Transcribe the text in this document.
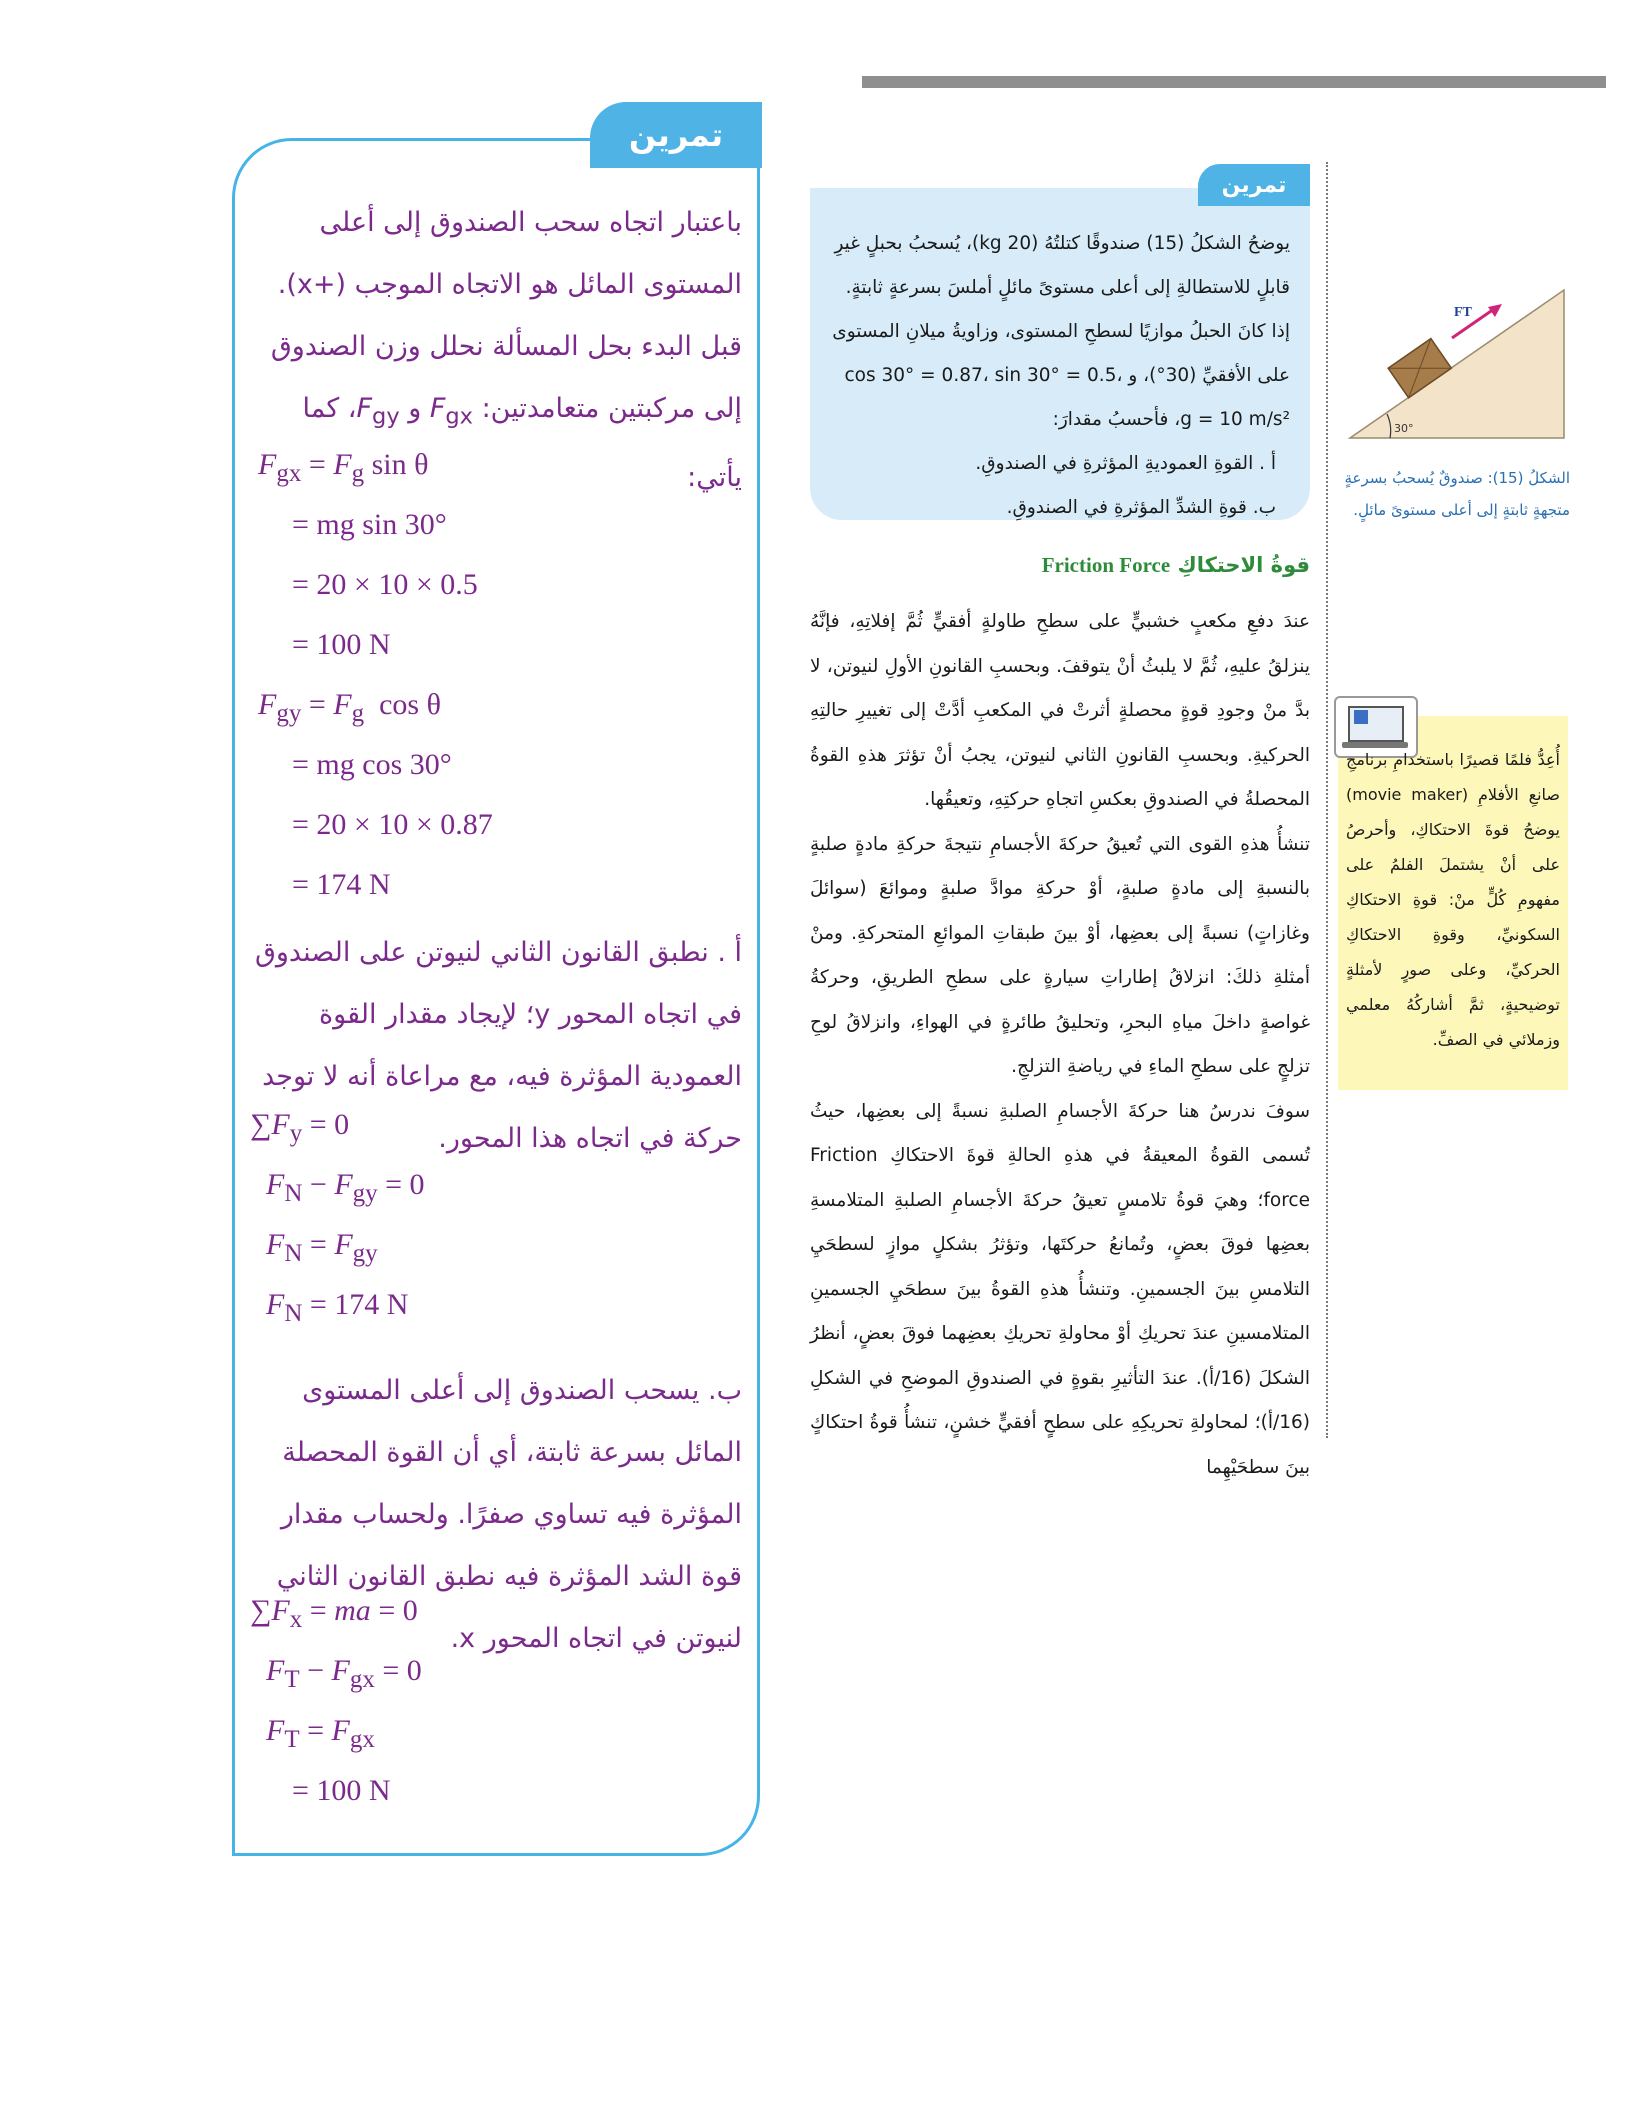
تمرين
باعتبار اتجاه سحب الصندوق إلى أعلى المستوى المائل هو الاتجاه الموجب (+x).
قبل البدء بحل المسألة نحلل وزن الصندوق إلى مركبتين متعامدتين: $F_{gx}$ و $F_{gy}،$ كما يأتي:
$F_{gx} = F_g$ sin θ
= mg sin 30°
= 20 × 10 × 0.5
= 100 N
$F_{gy} = F_g$  cos θ
= mg cos 30°
= 20 × 10 × 0.87
= 174 N
أ . نطبق القانون الثاني لنيوتن على الصندوق في اتجاه المحور y؛ لإيجاد مقدار القوة العمودية المؤثرة فيه، مع مراعاة أنه لا توجد حركة في اتجاه هذا المحور.
$\sum F_y = 0$
$F_N - F_{gy} = 0$
$F_N = F_{gy}$
$F_N = 174$ N
ب. يسحب الصندوق إلى أعلى المستوى المائل بسرعة ثابتة، أي أن القوة المحصلة المؤثرة فيه تساوي صفرًا. ولحساب مقدار قوة الشد المؤثرة فيه نطبق القانون الثاني لنيوتن في اتجاه المحور x.
$\sum F_x$ = ma = 0
$F_T - F_{gx} = 0$
$F_T = F_{gx}$
= 100 N
تمرين
يوضحُ الشكلُ (15) صندوقًا كتلتُهُ (20 kg)، يُسحبُ بحبلٍ غيرِ قابلٍ للاستطالةِ إلى أعلى مستوىً مائلٍ أملسَ بسرعةٍ ثابتةٍ. إذا كانَ الحبلُ موازيًا لسطحِ المستوى، وزاويةُ ميلانِ المستوى على الأفقيِّ (30°)، و cos 30° = 0.87، sin 30° = 0.5، g = 10 m/s²، فأحسبُ مقدارَ:
أ . القوةِ العموديةِ المؤثرةِ في الصندوقِ.
ب. قوةِ الشدِّ المؤثرةِ في الصندوقِ.
قوةُ الاحتكاكِ Friction Force

عندَ دفعِ مكعبٍ خشبيٍّ على سطحِ طاولةٍ أفقيٍّ ثُمَّ إفلاتِهِ، فإنَّهُ ينزلقُ عليهِ، ثُمَّ لا يلبثُ أنْ يتوقفَ. وبحسبِ القانونِ الأولِ لنيوتن، لا بدَّ منْ وجودِ قوةٍ محصلةٍ أثرتْ في المكعبِ أدَّتْ إلى تغييرِ حالتِهِ الحركيةِ. وبحسبِ القانونِ الثاني لنيوتن، يجبُ أنْ تؤثرَ هذهِ القوةُ المحصلةُ في الصندوقِ بعكسِ اتجاهِ حركتِهِ، وتعيقُها.

تنشأُ هذهِ القوى التي تُعيقُ حركةَ الأجسامِ نتيجةَ حركةِ مادةٍ صلبةٍ بالنسبةِ إلى مادةٍ صلبةٍ، أوْ حركةِ موادَّ صلبةٍ وموائعَ (سوائلَ وغازاتٍ) نسبةً إلى بعضِها، أوْ بينَ طبقاتِ الموائعِ المتحركةِ. ومنْ أمثلةِ ذلكَ: انزلاقُ إطاراتِ سيارةٍ على سطحِ الطريقِ، وحركةُ غواصةٍ داخلَ مياهِ البحرِ، وتحليقُ طائرةٍ في الهواءِ، وانزلاقُ لوحِ تزلجٍ على سطحِ الماءِ في رياضةِ التزلجِ.

سوفَ ندرسُ هنا حركةَ الأجسامِ الصلبةِ نسبةً إلى بعضِها، حيثُ تُسمى القوةُ المعيقةُ في هذهِ الحالةِ قوةَ الاحتكاكِ Friction force؛ وهيَ قوةُ تلامسٍ تعيقُ حركةَ الأجسامِ الصلبةِ المتلامسةِ بعضِها فوقَ بعضٍ، وتُمانعُ حركتَها، وتؤثرُ بشكلٍ موازٍ لسطحَيِ التلامسِ بينَ الجسمينِ. وتنشأُ هذهِ القوةُ بينَ سطحَيِ الجسمينِ المتلامسينِ عندَ تحريكِ أوْ محاولةِ تحريكِ بعضِهما فوقَ بعضٍ، أنظرُ الشكلَ (16/أ). عندَ التأثيرِ بقوةٍ في الصندوقِ الموضحِ في الشكلِ (16/أ)؛ لمحاولةِ تحريكِهِ على سطحٍ أفقيٍّ خشنٍ، تنشأُ قوةُ احتكاكٍ بينَ سطحَيْهِما

FT
30°
الشكلُ (15): صندوقٌ يُسحبُ بسرعةٍ متجهةٍ ثابتةٍ إلى أعلى مستوىً مائلٍ.
أُعِدُّ فلمًا قصيرًا باستخدامِ برنامجِ صانعِ الأفلامِ (movie maker) يوضحُ قوةَ الاحتكاكِ، وأحرصُ على أنْ يشتملَ الفلمُ على مفهومِ كُلٍّ منْ: قوةِ الاحتكاكِ السكونيِّ، وقوةِ الاحتكاكِ الحركيِّ، وعلى صورٍ لأمثلةٍ توضيحيةٍ، ثمَّ أشاركُهُ معلمي وزملائي في الصفِّ.
